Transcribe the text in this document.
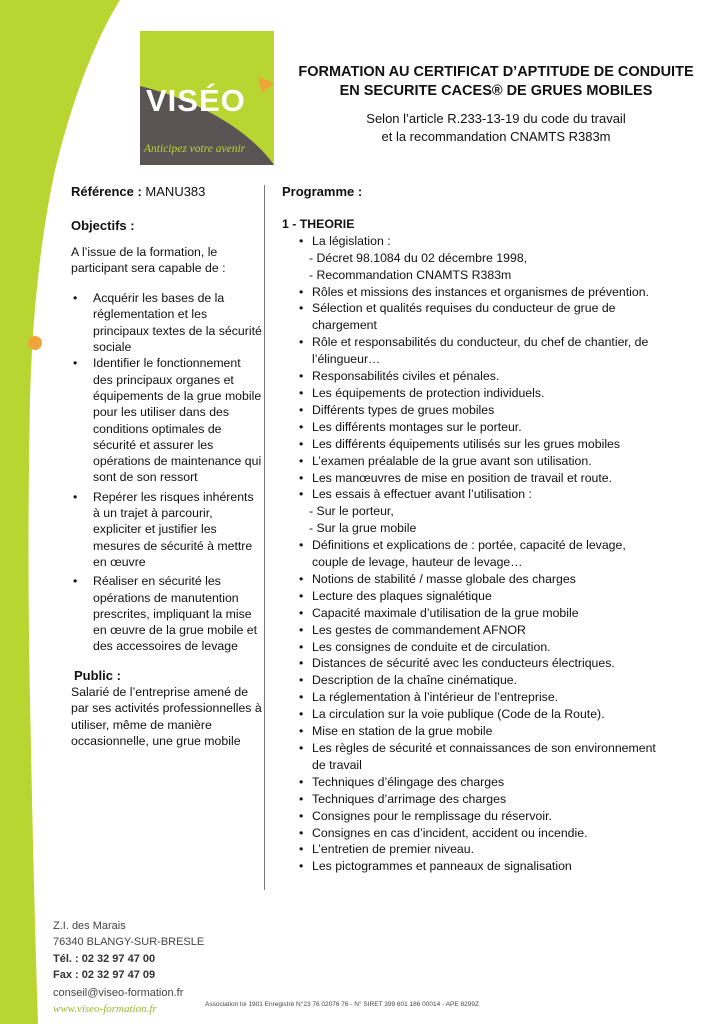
VISÉO
Anticipez votre avenir
FORMATION AU CERTIFICAT D’APTITUDE DE CONDUITE
EN SECURITE CACES® DE GRUES MOBILES
Selon l’article R.233-13-19 du code du travail
et la recommandation CNAMTS R383m
Référence : MANU383
Objectifs :
A l’issue de la formation, le participant sera capable de :
• Acquérir les bases de la réglementation et les principaux textes de la sécurité sociale
• Identifier le fonctionnement des principaux organes et équipements de la grue mobile pour les utiliser dans des conditions optimales de sécurité et assurer les opérations de maintenance qui sont de son ressort
• Repérer les risques inhérents à un trajet à parcourir, expliciter et justifier les mesures de sécurité à mettre en œuvre
• Réaliser en sécurité les opérations de manutention prescrites, impliquant la mise en œuvre de la grue mobile et des accessoires de levage
Public :
Salarié de l’entreprise amené de par ses activités professionnelles à utiliser, même de manière occasionnelle, une grue mobile
Programme :
1 - THEORIE
• La législation :
- Décret 98.1084 du 02 décembre 1998,
- Recommandation CNAMTS R383m
• Rôles et missions des instances et organismes de prévention.
• Sélection et qualités requises du conducteur de grue de chargement
• Rôle et responsabilités du conducteur, du chef de chantier, de l’élingueur…
• Responsabilités civiles et pénales.
• Les équipements de protection individuels.
• Différents types de grues mobiles
• Les différents montages sur le porteur.
• Les différents équipements utilisés sur les grues mobiles
• L’examen préalable de la grue avant son utilisation.
• Les manœuvres de mise en position de travail et route.
• Les essais à effectuer avant l’utilisation :
- Sur le porteur,
- Sur la grue mobile
• Définitions et explications de : portée, capacité de levage, couple de levage, hauteur de levage…
• Notions de stabilité / masse globale des charges
• Lecture des plaques signalétique
• Capacité maximale d’utilisation de la grue mobile
• Les gestes de commandement AFNOR
• Les consignes de conduite et de circulation.
• Distances de sécurité avec les conducteurs électriques.
• Description de la chaîne cinématique.
• La réglementation à l’intérieur de l’entreprise.
• La circulation sur la voie publique (Code de la Route).
• Mise en station de la grue mobile
• Les règles de sécurité et connaissances de son environnement de travail
• Techniques d’élingage des charges
• Techniques d’arrimage des charges
• Consignes pour le remplissage du réservoir.
• Consignes en cas d’incident, accident ou incendie.
• L’entretien de premier niveau.
• Les pictogrammes et panneaux de signalisation
Z.I. des Marais
76340 BLANGY-SUR-BRESLE
Tél. : 02 32 97 47 00
Fax : 02 32 97 47 09
conseil@viseo-formation.fr
www.viseo-formation.fr	Association loi 1901 Enregistré N°23 76 02076 76 - N° SIRET 399 601 186 00014 - APE 8299Z
